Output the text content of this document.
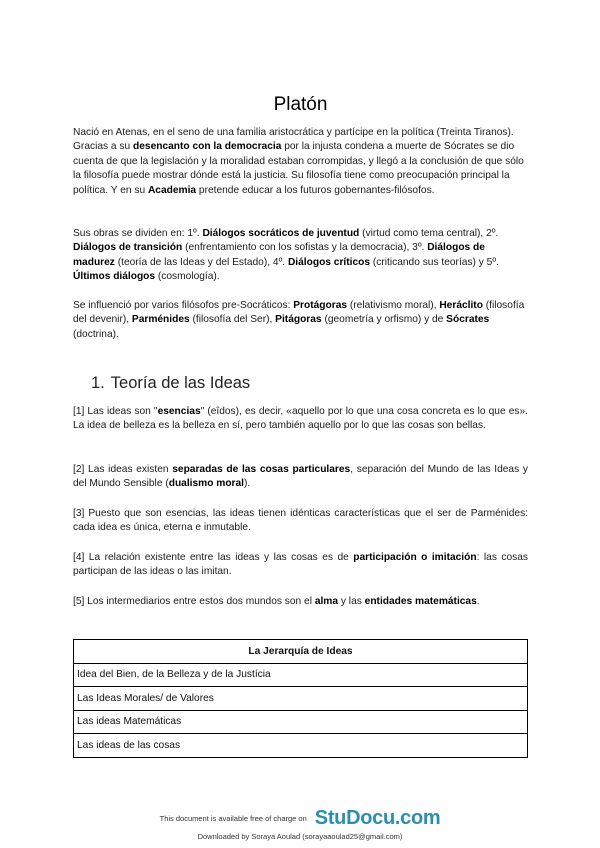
Platón

Nació en Atenas, en el seno de una familia aristocrática y partícipe en la política (Treinta Tiranos). Gracias a su desencanto con la democracia por la injusta condena a muerte de Sócrates se dio cuenta de que la legislación y la moralidad estaban corrompidas, y llegó a la conclusión de que sólo la filosofía puede mostrar dónde está la justicia. Su filosofía tiene como preocupación principal la política. Y en su Academia pretende educar a los futuros gobernantes-filósofos.

Sus obras se dividen en: 1º. Diálogos socráticos de juventud (virtud como tema central), 2º. Diálogos de transición (enfrentamiento con los sofistas y la democracia), 3º. Diálogos de madurez (teoría de las Ideas y del Estado), 4º. Diálogos críticos (criticando sus teorías) y 5º. Últimos diálogos (cosmología).

Se influenció por varios filósofos pre-Socráticos: Protágoras (relativismo moral), Heráclito (filosofía del devenir), Parménides (filosofía del Ser), Pitágoras (geometría y orfismo) y de Sócrates (doctrina).

1. Teoría de las Ideas

[1] Las ideas son "esencias" (eîdos), es decir, «aquello por lo que una cosa concreta es lo que es». La idea de belleza es la belleza en sí, pero también aquello por lo que las cosas son bellas.

[2] Las ideas existen separadas de las cosas particulares, separación del Mundo de las Ideas y del Mundo Sensible (dualismo moral).

[3] Puesto que son esencias, las ideas tienen idénticas características que el ser de Parménides: cada idea es única, eterna e inmutable.

[4] La relación existente entre las ideas y las cosas es de participación o imitación: las cosas participan de las ideas o las imitan.

[5] Los intermediarios entre estos dos mundos son el alma y las entidades matemáticas.

La Jerarquía de Ideas
Idea del Bien, de la Belleza y de la Justícia
Las Ideas Morales/ de Valores
Las ideas Matemáticas
Las ideas de las cosas
This document is available free of charge on StuDocu.com
Downloaded by Soraya Aoulad (sorayaaoulad25@gmail.com)
